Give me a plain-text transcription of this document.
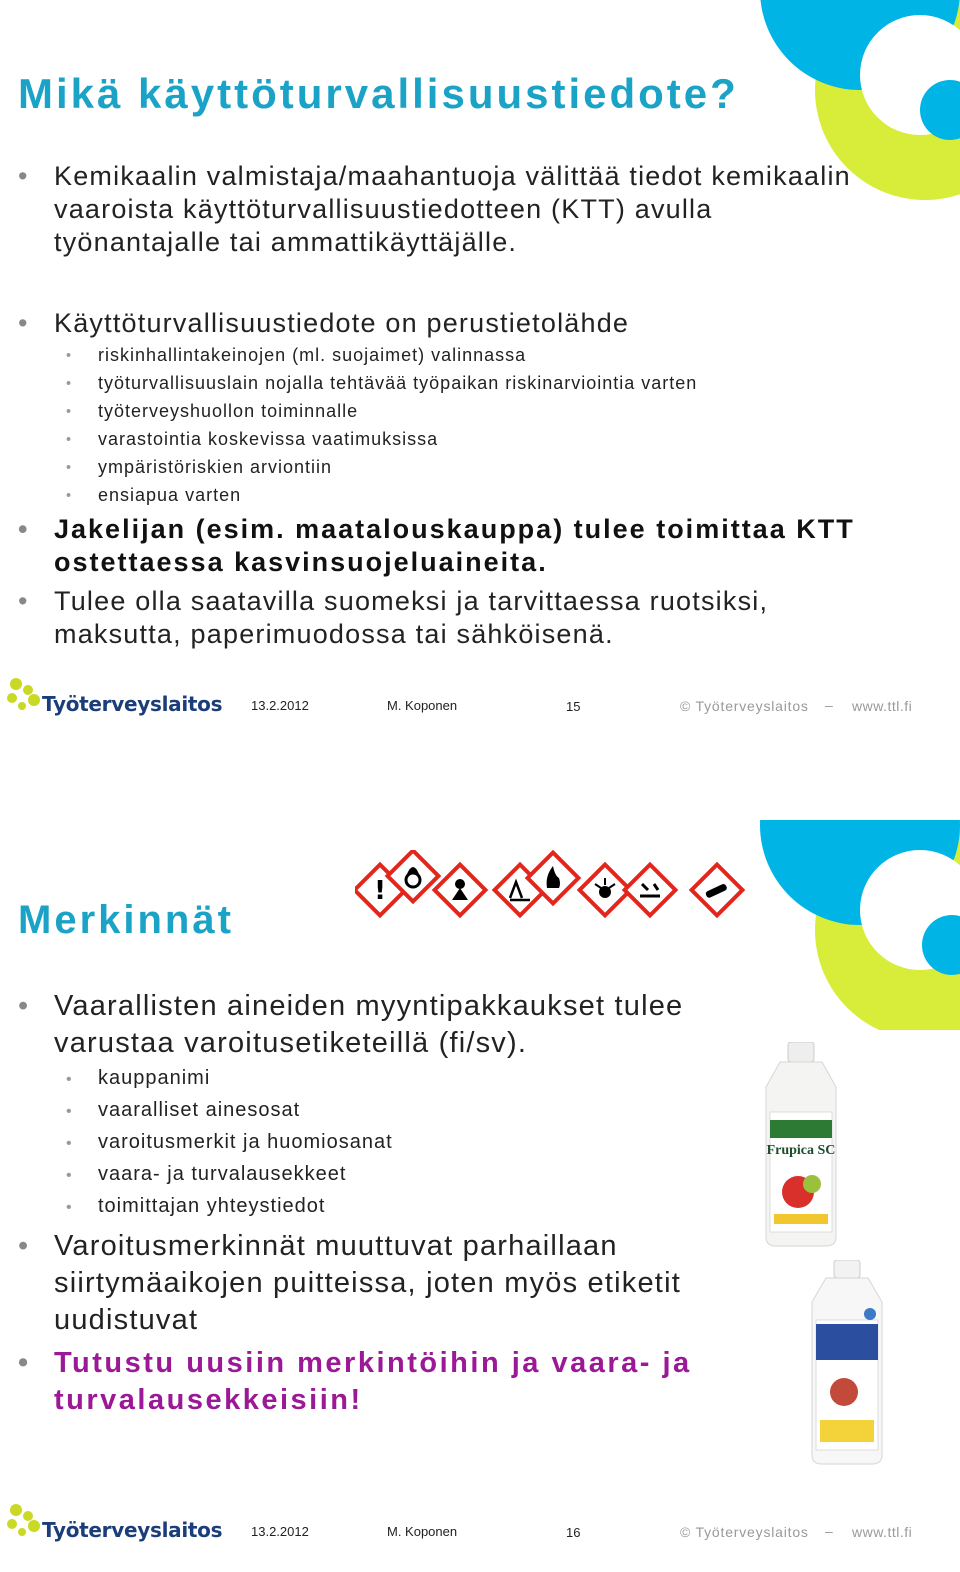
Mikä käyttöturvallisuustiedote?
• Kemikaalin valmistaja/maahantuoja välittää tiedot kemikaalin vaaroista käyttöturvallisuustiedotteen (KTT) avulla työnantajalle tai ammattikäyttäjälle.
• Käyttöturvallisuustiedote on perustietolähde
• riskinhallintakeinojen (ml. suojaimet) valinnassa
• työturvallisuuslain nojalla tehtävää työpaikan riskinarviointia varten
• työterveyshuollon toiminnalle
• varastointia koskevissa vaatimuksissa
• ympäristöriskien arviontiin
• ensiapua varten
• Jakelijan (esim. maatalouskauppa) tulee toimittaa KTT ostettaessa kasvinsuojeluaineita.
• Tulee olla saatavilla suomeksi ja tarvittaessa ruotsiksi, maksutta, paperimuodossa tai sähköisenä.
Työterveyslaitos 13.2.2012	M. Koponen	15	© Työterveyslaitos – www.ttl.fi
!
Merkinnät
• Vaarallisten aineiden myyntipakkaukset tulee varustaa varoitusetiketeillä (fi/sv).
• kauppanimi
• vaaralliset ainesosat
• varoitusmerkit ja huomiosanat
• vaara- ja turvalausekkeet
• toimittajan yhteystiedot
• Varoitusmerkinnät muuttuvat parhaillaan siirtymäaikojen puitteissa, joten myös etiketit uudistuvat
• Tutustu uusiin merkintöihin ja vaara- ja turvalausekkeisiin!
Frupica SC
Työterveyslaitos 13.2.2012	M. Koponen	16	© Työterveyslaitos – www.ttl.fi
